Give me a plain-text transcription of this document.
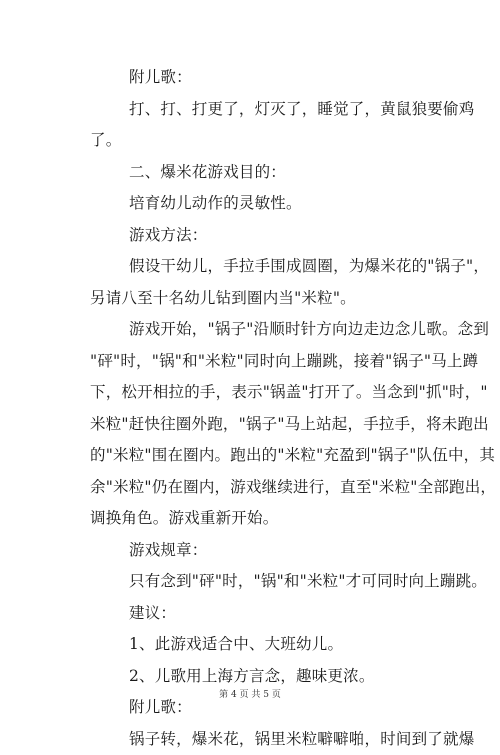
附儿歌：
打、打、打更了，灯灭了，睡觉了，黄鼠狼要偷鸡
了。
二、爆米花游戏目的：
培育幼儿动作的灵敏性。
游戏方法：
假设干幼儿，手拉手围成圆圈，为爆米花的"锅子"，
另请八至十名幼儿钻到圈内当"米粒"。
游戏开始，"锅子"沿顺时针方向边走边念儿歌。念到
"砰"时，"锅"和"米粒"同时向上蹦跳，接着"锅子"马上蹲
下，松开相拉的手，表示"锅盖"打开了。当念到"抓"时，"
米粒"赶快往圈外跑，"锅子"马上站起，手拉手，将未跑出
的"米粒"围在圈内。跑出的"米粒"充盈到"锅子"队伍中，其
余"米粒"仍在圈内，游戏继续进行，直至"米粒"全部跑出，
调换角色。游戏重新开始。
游戏规章：
只有念到"砰"时，"锅"和"米粒"才可同时向上蹦跳。
建议：
1、此游戏适合中、大班幼儿。
2、儿歌用上海方言念，趣味更浓。
附儿歌：
锅子转，爆米花，锅里米粒噼噼啪，时间到了就爆
第 4 页 共 5 页
